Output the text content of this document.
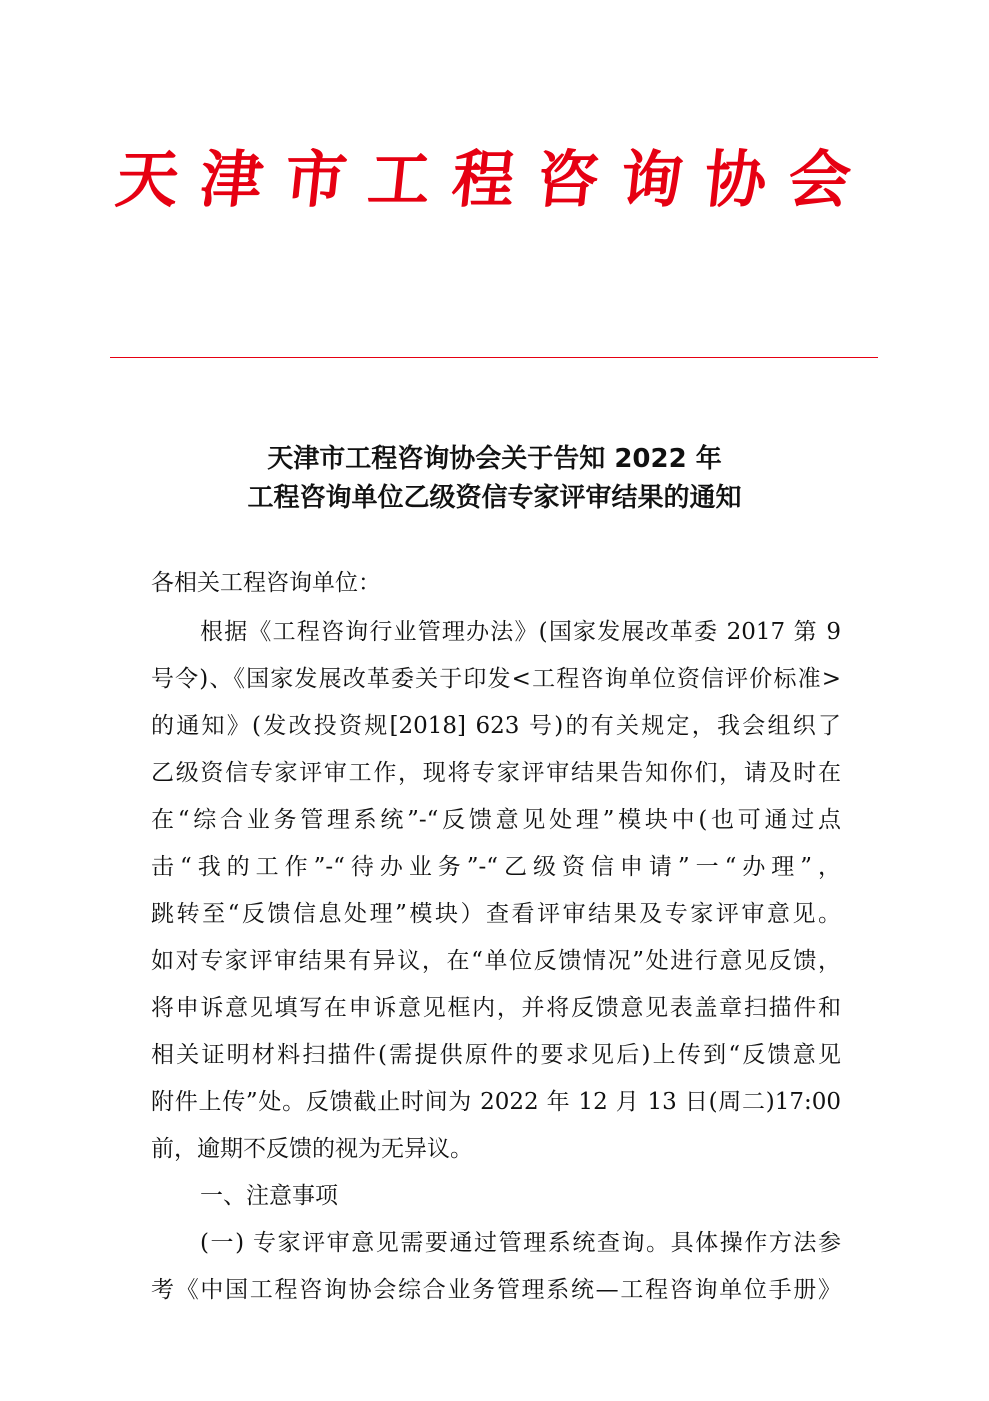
天津市工程咨询协会
天津市工程咨询协会关于告知 2022 年
工程咨询单位乙级资信专家评审结果的通知
各相关工程咨询单位：
根据《工程咨询行业管理办法》(国家发展改革委 2017 第 9
号令)、《国家发展改革委关于印发<工程咨询单位资信评价标准>
的通知》(发改投资规[2018] 623 号)的有关规定，我会组织了
乙级资信专家评审工作，现将专家评审结果告知你们，请及时在
在“综合业务管理系统”-“反馈意见处理”模块中(也可通过点
击“我的工作”-“待办业务”-“乙级资信申请”一“办理”，
跳转至“反馈信息处理”模块）查看评审结果及专家评审意见。
如对专家评审结果有异议，在“单位反馈情况”处进行意见反馈，
将申诉意见填写在申诉意见框内，并将反馈意见表盖章扫描件和
相关证明材料扫描件(需提供原件的要求见后)上传到“反馈意见
附件上传”处。反馈截止时间为 2022 年 12 月 13 日(周二)17:00
前，逾期不反馈的视为无异议。
一、注意事项
(一) 专家评审意见需要通过管理系统查询。具体操作方法参
考《中国工程咨询协会综合业务管理系统—工程咨询单位手册》
